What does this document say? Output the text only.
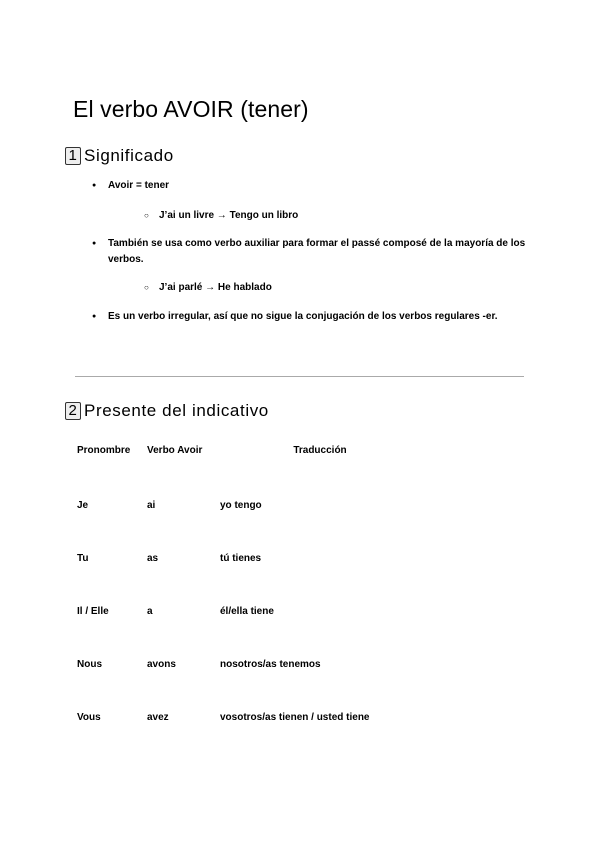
El verbo AVOIR (tener)
1 Significado
● Avoir = tener
○ J’ai un livre → Tengo un libro
● También se usa como verbo auxiliar para formar el passé composé de la mayoría de los verbos.
○ J’ai parlé → He hablado
● Es un verbo irregular, así que no sigue la conjugación de los verbos regulares -er.
2 Presente del indicativo
Pronombre	Verbo Avoir	Traducción
Je	ai	yo tengo
Tu	as	tú tienes
Il / Elle	a	él/ella tiene
Nous	avons	nosotros/as tenemos
Vous	avez	vosotros/as tienen / usted tiene
